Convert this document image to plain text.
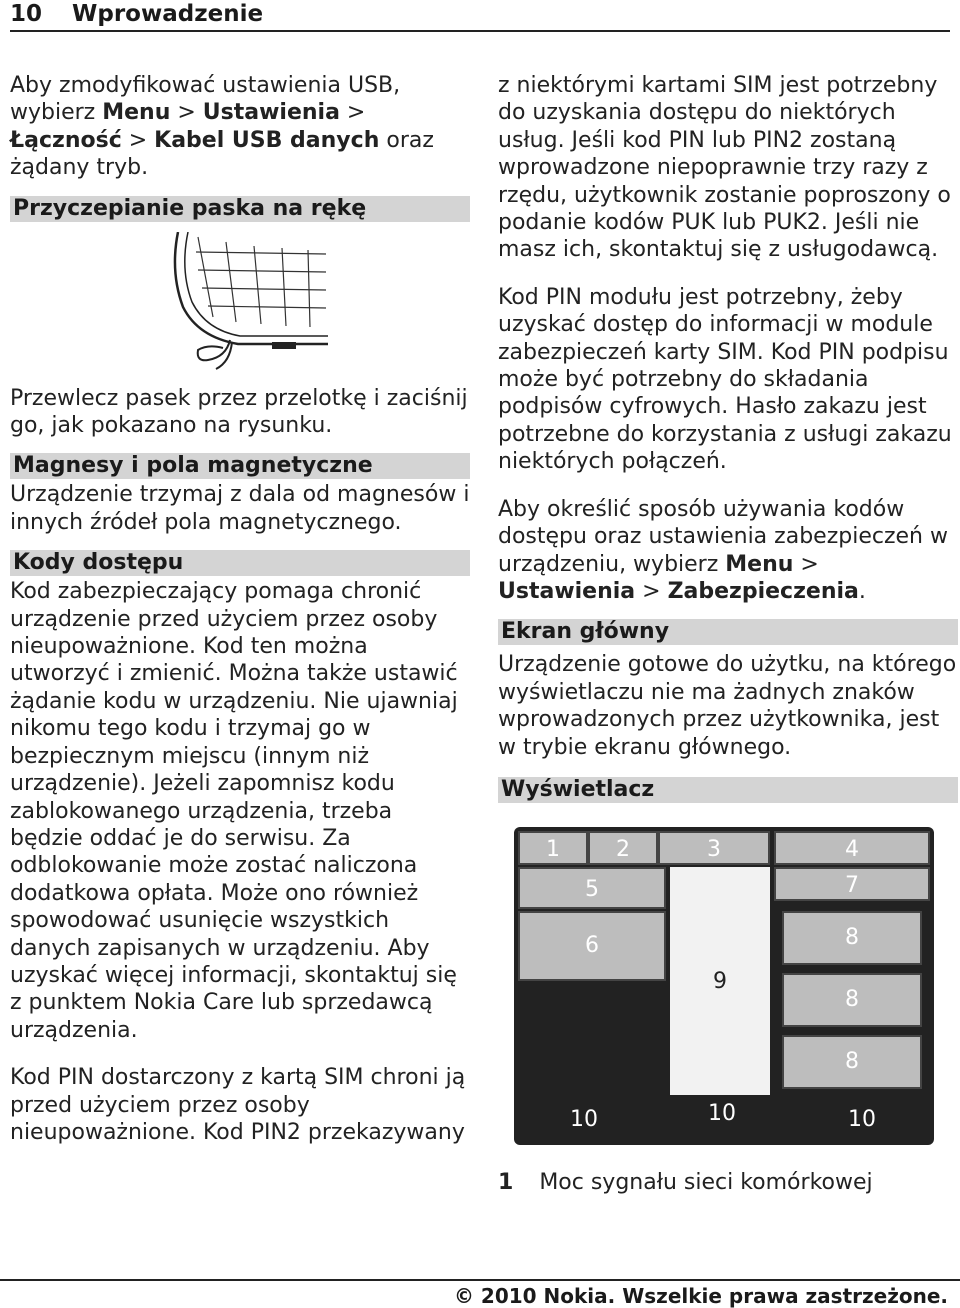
10 Wprowadzenie

Aby zmodyfikować ustawienia USB, wybierz Menu > Ustawienia > Łączność > Kabel USB danych oraz żądany tryb.

Przyczepianie paska na rękę

Przewlecz pasek przez przelotkę i zaciśnij go, jak pokazano na rysunku.

Magnesy i pola magnetyczne

Urządzenie trzymaj z dala od magnesów i innych źródeł pola magnetycznego.

Kody dostępu

Kod zabezpieczający pomaga chronić urządzenie przed użyciem przez osoby nieupoważnione. Kod ten można utworzyć i zmienić. Można także ustawić żądanie kodu w urządzeniu. Nie ujawniaj nikomu tego kodu i trzymaj go w bezpiecznym miejscu (innym niż urządzenie). Jeżeli zapomnisz kodu zablokowanego urządzenia, trzeba będzie oddać je do serwisu. Za odblokowanie może zostać naliczona dodatkowa opłata. Może ono również spowodować usunięcie wszystkich danych zapisanych w urządzeniu. Aby uzyskać więcej informacji, skontaktuj się z punktem Nokia Care lub sprzedawcą urządzenia.

Kod PIN dostarczony z kartą SIM chroni ją przed użyciem przez osoby nieupoważnione. Kod PIN2 przekazywany

z niektórymi kartami SIM jest potrzebny do uzyskania dostępu do niektórych usług. Jeśli kod PIN lub PIN2 zostaną wprowadzone niepoprawnie trzy razy z rzędu, użytkownik zostanie poproszony o podanie kodów PUK lub PUK2. Jeśli nie masz ich, skontaktuj się z usługodawcą.

Kod PIN modułu jest potrzebny, żeby uzyskać dostęp do informacji w module zabezpieczeń karty SIM. Kod PIN podpisu może być potrzebny do składania podpisów cyfrowych. Hasło zakazu jest potrzebne do korzystania z usługi zakazu niektórych połączeń.

Aby określić sposób używania kodów dostępu oraz ustawienia zabezpieczeń w urządzeniu, wybierz Menu > Ustawienia > Zabezpieczenia.

Ekran główny

Urządzenie gotowe do użytku, na którego wyświetlaczu nie ma żadnych znaków wprowadzonych przez użytkownika, jest w trybie ekranu głównego.

Wyświetlacz
1	2	3	4
5	7
6	8
9
8
8
10	10	10

1 Moc sygnału sieci komórkowej

© 2010 Nokia. Wszelkie prawa zastrzeżone.
